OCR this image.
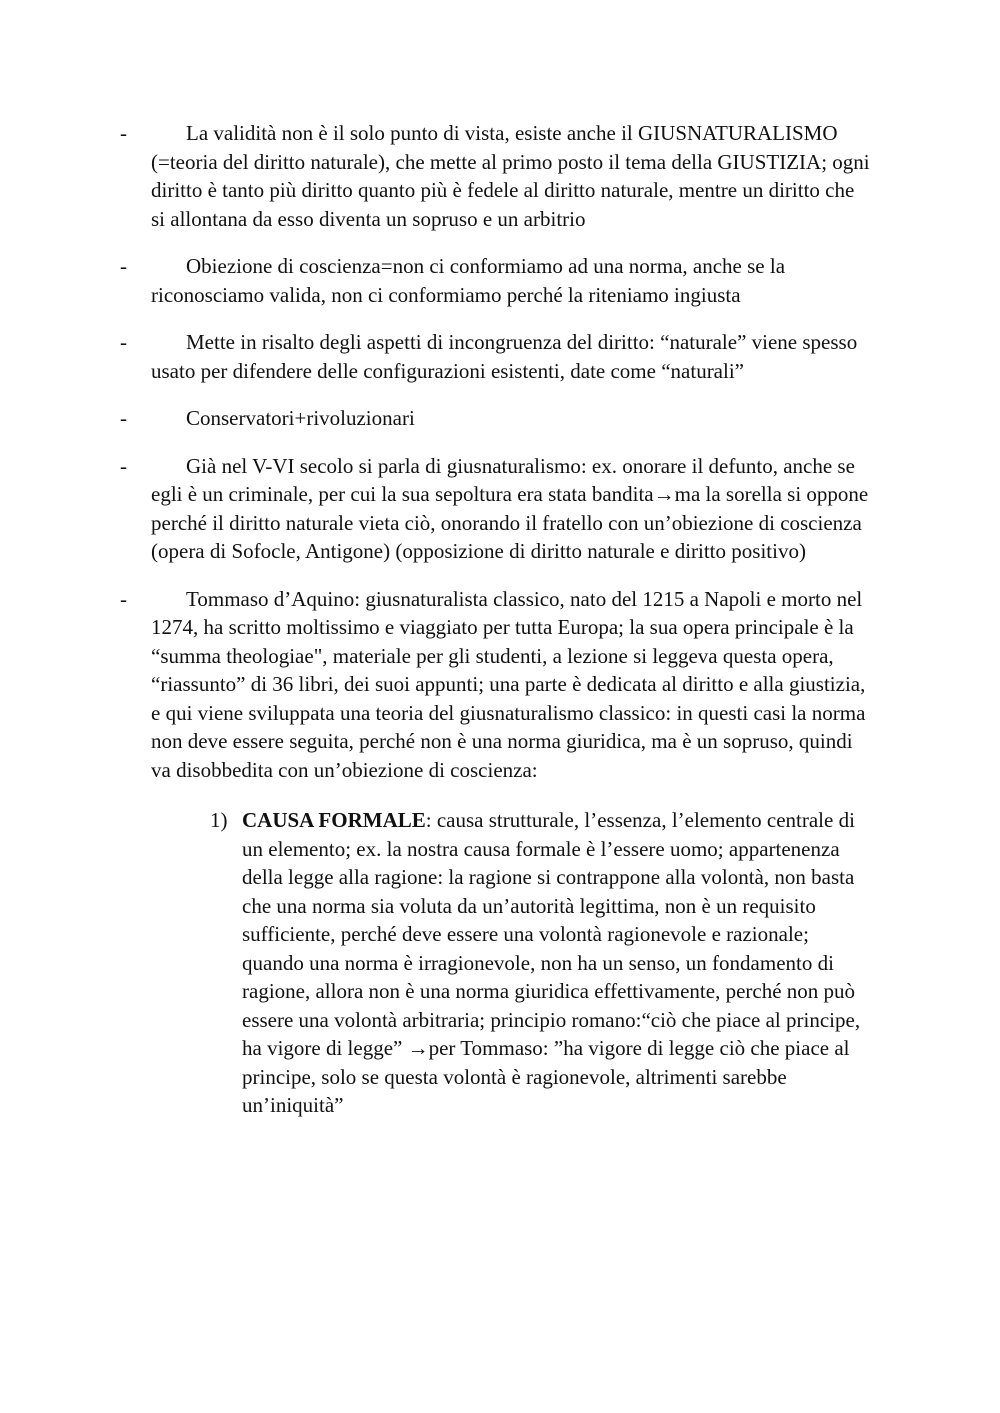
-	La validità non è il solo punto di vista, esiste anche il GIUSNATURALISMO (=teoria del diritto naturale), che mette al primo posto il tema della GIUSTIZIA; ogni diritto è tanto più diritto quanto più è fedele al diritto naturale, mentre un diritto che si allontana da esso diventa un sopruso e un arbitrio
-	Obiezione di coscienza=non ci conformiamo ad una norma, anche se la riconosciamo valida, non ci conformiamo perché la riteniamo ingiusta
-	Mette in risalto degli aspetti di incongruenza del diritto: “naturale” viene spesso usato per difendere delle configurazioni esistenti, date come “naturali”
-	Conservatori+rivoluzionari
-	Già nel V-VI secolo si parla di giusnaturalismo: ex. onorare il defunto, anche se egli è un criminale, per cui la sua sepoltura era stata bandita→ma la sorella si oppone perché il diritto naturale vieta ciò, onorando il fratello con un’obiezione di coscienza (opera di Sofocle, Antigone) (opposizione di diritto naturale e diritto positivo)
-	Tommaso d’Aquino: giusnaturalista classico, nato del 1215 a Napoli e morto nel 1274, ha scritto moltissimo e viaggiato per tutta Europa; la sua opera principale è la “summa theologiae", materiale per gli studenti, a lezione si leggeva questa opera, “riassunto” di 36 libri, dei suoi appunti; una parte è dedicata al diritto e alla giustizia, e qui viene sviluppata una teoria del giusnaturalismo classico: in questi casi la norma non deve essere seguita, perché non è una norma giuridica, ma è un sopruso, quindi va disobbedita con un’obiezione di coscienza:
1) CAUSA FORMALE: causa strutturale, l’essenza, l’elemento centrale di un elemento; ex. la nostra causa formale è l’essere uomo; appartenenza della legge alla ragione: la ragione si contrappone alla volontà, non basta che una norma sia voluta da un’autorità legittima, non è un requisito sufficiente, perché deve essere una volontà ragionevole e razionale; quando una norma è irragionevole, non ha un senso, un fondamento di ragione, allora non è una norma giuridica effettivamente, perché non può essere una volontà arbitraria; principio romano:“ciò che piace al principe, ha vigore di legge” →per Tommaso: ”ha vigore di legge ciò che piace al principe, solo se questa volontà è ragionevole, altrimenti sarebbe un’iniquità”
